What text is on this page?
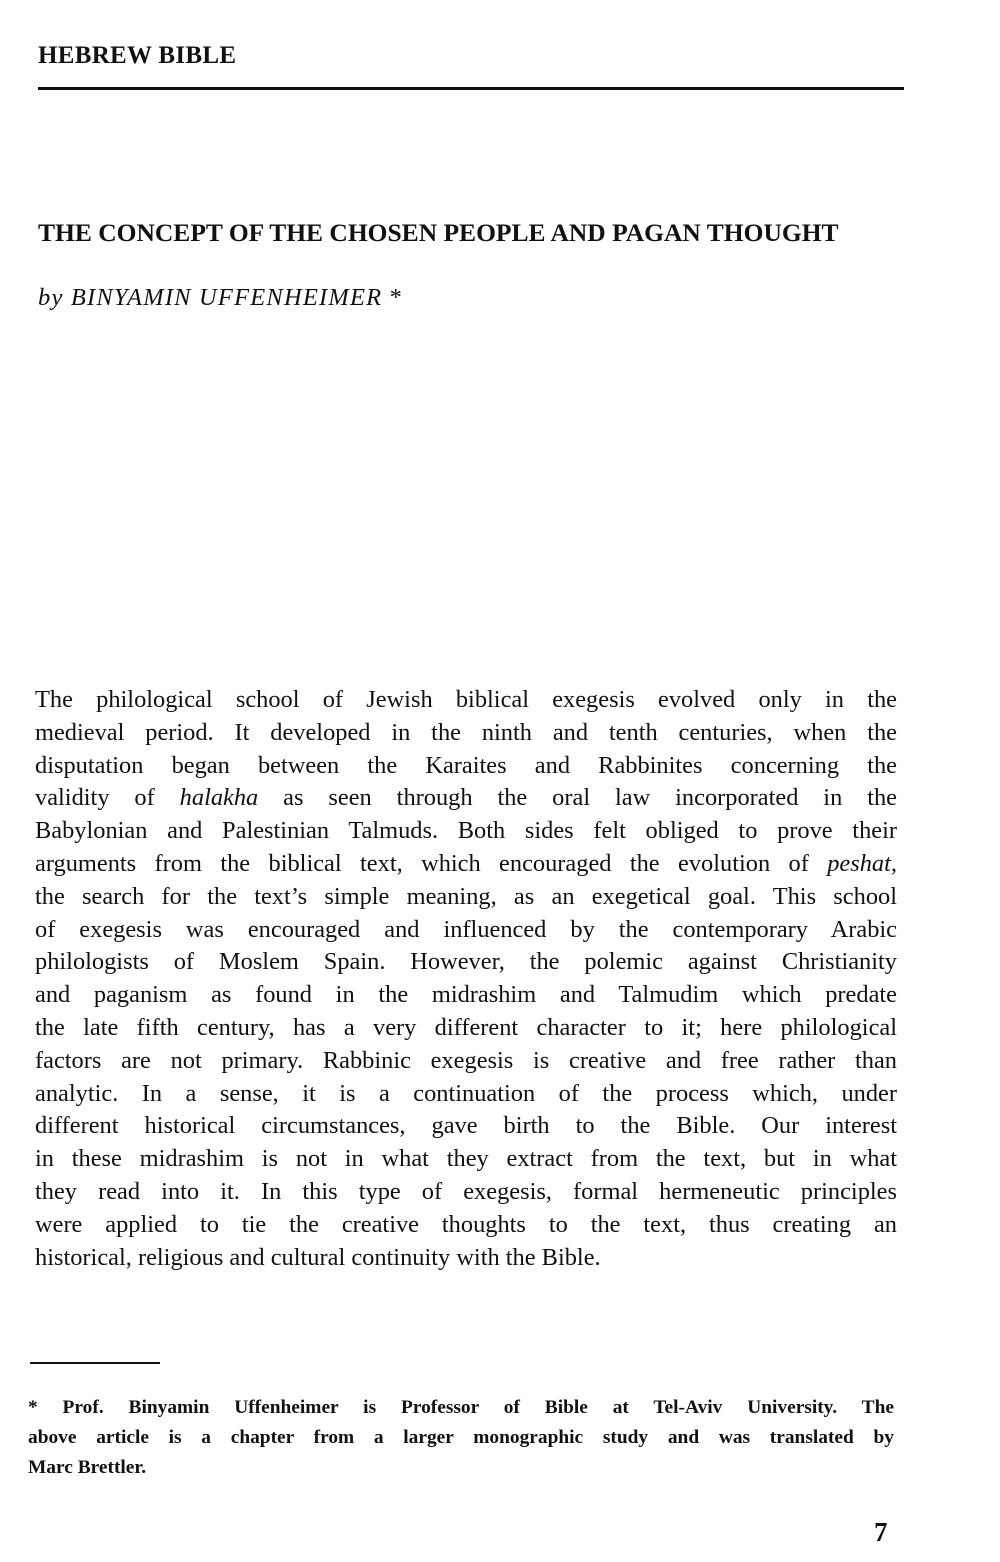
HEBREW BIBLE
THE CONCEPT OF THE CHOSEN PEOPLE AND PAGAN THOUGHT
by BINYAMIN UFFENHEIMER *
The philological school of Jewish biblical exegesis evolved only in the
medieval period. It developed in the ninth and tenth centuries, when the
disputation began between the Karaites and Rabbinites concerning the
validity of halakha as seen through the oral law incorporated in the
Babylonian and Palestinian Talmuds. Both sides felt obliged to prove their
arguments from the biblical text, which encouraged the evolution of peshat,
the search for the text’s simple meaning, as an exegetical goal. This school
of exegesis was encouraged and influenced by the contemporary Arabic
philologists of Moslem Spain. However, the polemic against Christianity
and paganism as found in the midrashim and Talmudim which predate
the late fifth century, has a very different character to it; here philological
factors are not primary. Rabbinic exegesis is creative and free rather than
analytic. In a sense, it is a continuation of the process which, under
different historical circumstances, gave birth to the Bible. Our interest
in these midrashim is not in what they extract from the text, but in what
they read into it. In this type of exegesis, formal hermeneutic principles
were applied to tie the creative thoughts to the text, thus creating an
historical, religious and cultural continuity with the Bible.
* Prof. Binyamin Uffenheimer is Professor of Bible at Tel-Aviv University. The
above article is a chapter from a larger monographic study and was translated by
Marc Brettler.
7
